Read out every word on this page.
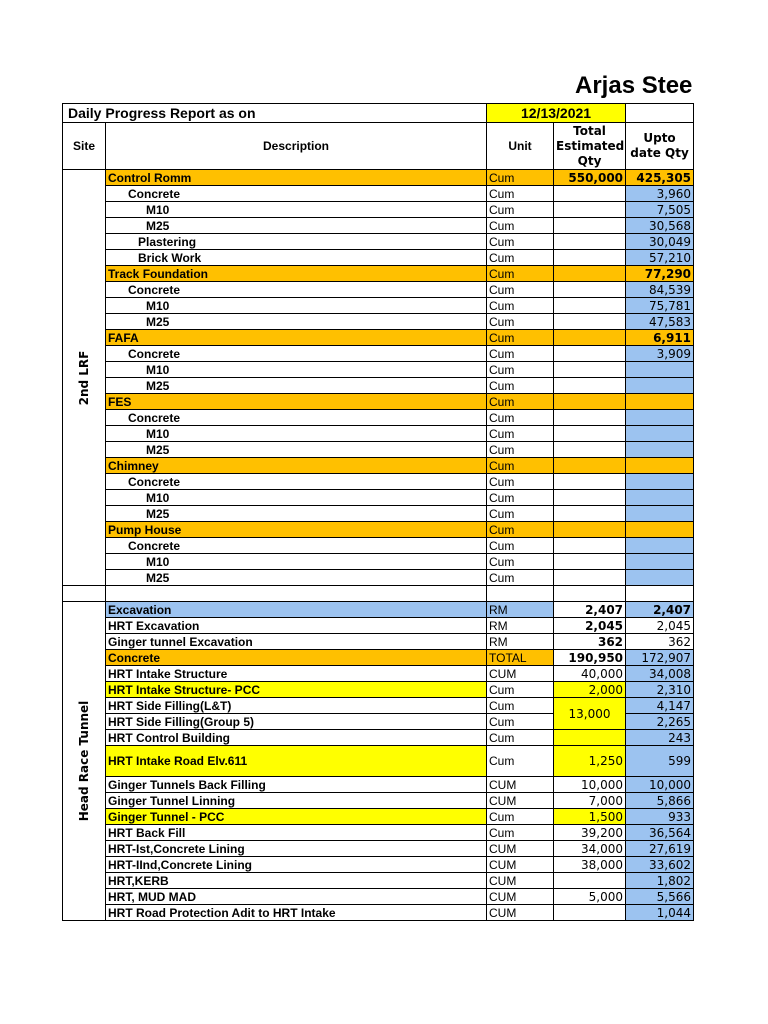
Arjas Stee
Daily Progress Report as on		12/13/2021		
Site	Description	Unit	Total Estimated Qty	Upto date Qty

2nd LRF	Control Romm	Cum	550,000	425,305
	Concrete	Cum		3,960
	M10	Cum		7,505
	M25	Cum		30,568
	Plastering	Cum		30,049
	Brick Work	Cum		57,210
	Track Foundation	Cum		77,290
	Concrete	Cum		84,539
	M10	Cum		75,781
	M25	Cum		47,583
	FAFA	Cum		6,911
	Concrete	Cum		3,909
	M10	Cum		
	M25	Cum		
	FES	Cum		
	Concrete	Cum		
	M10	Cum		
	M25	Cum		
	Chimney	Cum		
	Concrete	Cum		
	M10	Cum		
	M25	Cum		
	Pump House	Cum		
	Concrete	Cum		
	M10	Cum		
	M25	Cum		

Head Race Tunnel	Excavation	RM	2,407	2,407
	HRT Excavation	RM	2,045	2,045
	Ginger tunnel Excavation	RM	362	362
	Concrete	TOTAL	190,950	172,907
	HRT Intake Structure	CUM	40,000	34,008
	HRT Intake Structure- PCC	Cum	2,000	2,310
	HRT Side Filling(L&T)	Cum	13,000	4,147
	HRT Side Filling(Group 5)	Cum		2,265
	HRT Control Building	Cum		243
	HRT Intake Road Elv.611	Cum	1,250	599
	Ginger Tunnels Back Filling	CUM	10,000	10,000
	Ginger Tunnel Linning	CUM	7,000	5,866
	Ginger Tunnel - PCC	Cum	1,500	933
	HRT Back Fill	Cum	39,200	36,564
	HRT-Ist,Concrete Lining	CUM	34,000	27,619
	HRT-IInd,Concrete Lining	CUM	38,000	33,602
	HRT,KERB	CUM		1,802
	HRT, MUD MAD	CUM	5,000	5,566
	HRT Road Protection Adit to HRT Intake	CUM		1,044
